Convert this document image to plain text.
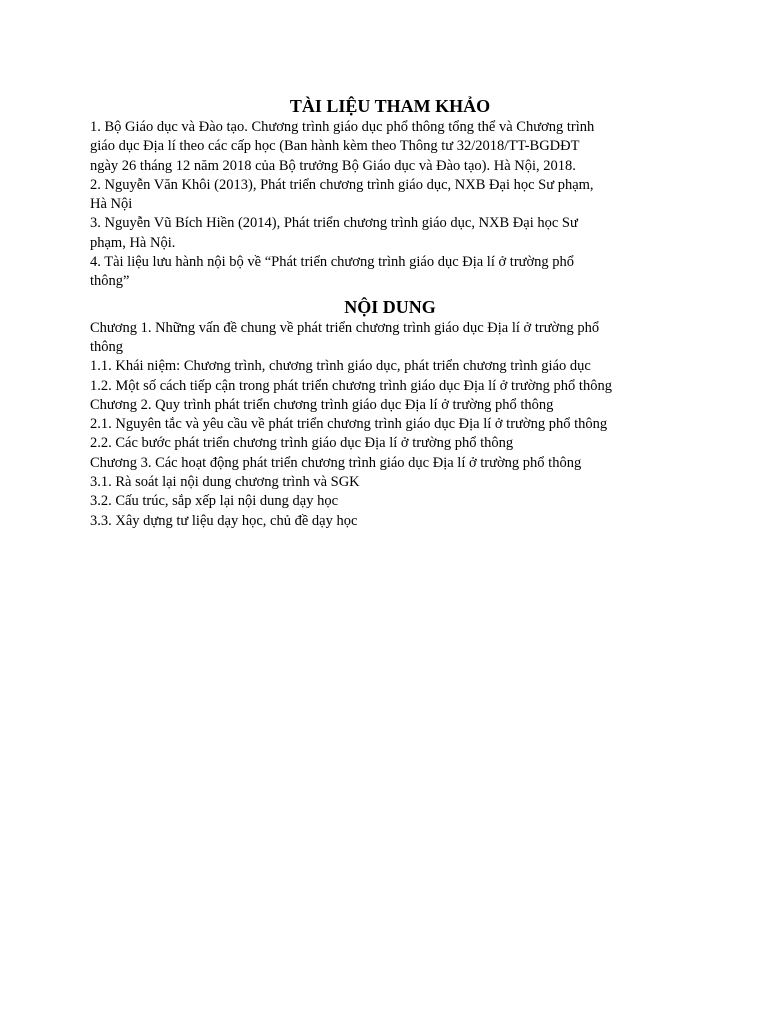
TÀI LIỆU THAM KHẢO

1. Bộ Giáo dục và Đào tạo. Chương trình giáo dục phổ thông tổng thể và Chương trình

giáo dục Địa lí theo các cấp học (Ban hành kèm theo Thông tư 32/2018/TT-BGDĐT

ngày 26 tháng 12 năm 2018 của Bộ trưởng Bộ Giáo dục và Đào tạo). Hà Nội, 2018.

2. Nguyễn Văn Khôi (2013), Phát triển chương trình giáo dục, NXB Đại học Sư phạm,

Hà Nội

3. Nguyễn Vũ Bích Hiền (2014), Phát triển chương trình giáo dục, NXB Đại học Sư

phạm, Hà Nội.

4. Tài liệu lưu hành nội bộ về “Phát triển chương trình giáo dục Địa lí ở trường phổ

thông”

NỘI DUNG

Chương 1. Những vấn đề chung về phát triển chương trình giáo dục Địa lí ở trường phổ

thông

1.1. Khái niệm: Chương trình, chương trình giáo dục, phát triển chương trình giáo dục

1.2. Một số cách tiếp cận trong phát triển chương trình giáo dục Địa lí ở trường phổ thông

Chương 2. Quy trình phát triển chương trình giáo dục Địa lí ở trường phổ thông

2.1. Nguyên tắc và yêu cầu về phát triển chương trình giáo dục Địa lí ở trường phổ thông

2.2. Các bước phát triển chương trình giáo dục Địa lí ở trường phổ thông

Chương 3. Các hoạt động phát triển chương trình giáo dục Địa lí ở trường phổ thông

3.1. Rà soát lại nội dung chương trình và SGK

3.2. Cấu trúc, sắp xếp lại nội dung dạy học

3.3. Xây dựng tư liệu dạy học, chủ đề dạy học
